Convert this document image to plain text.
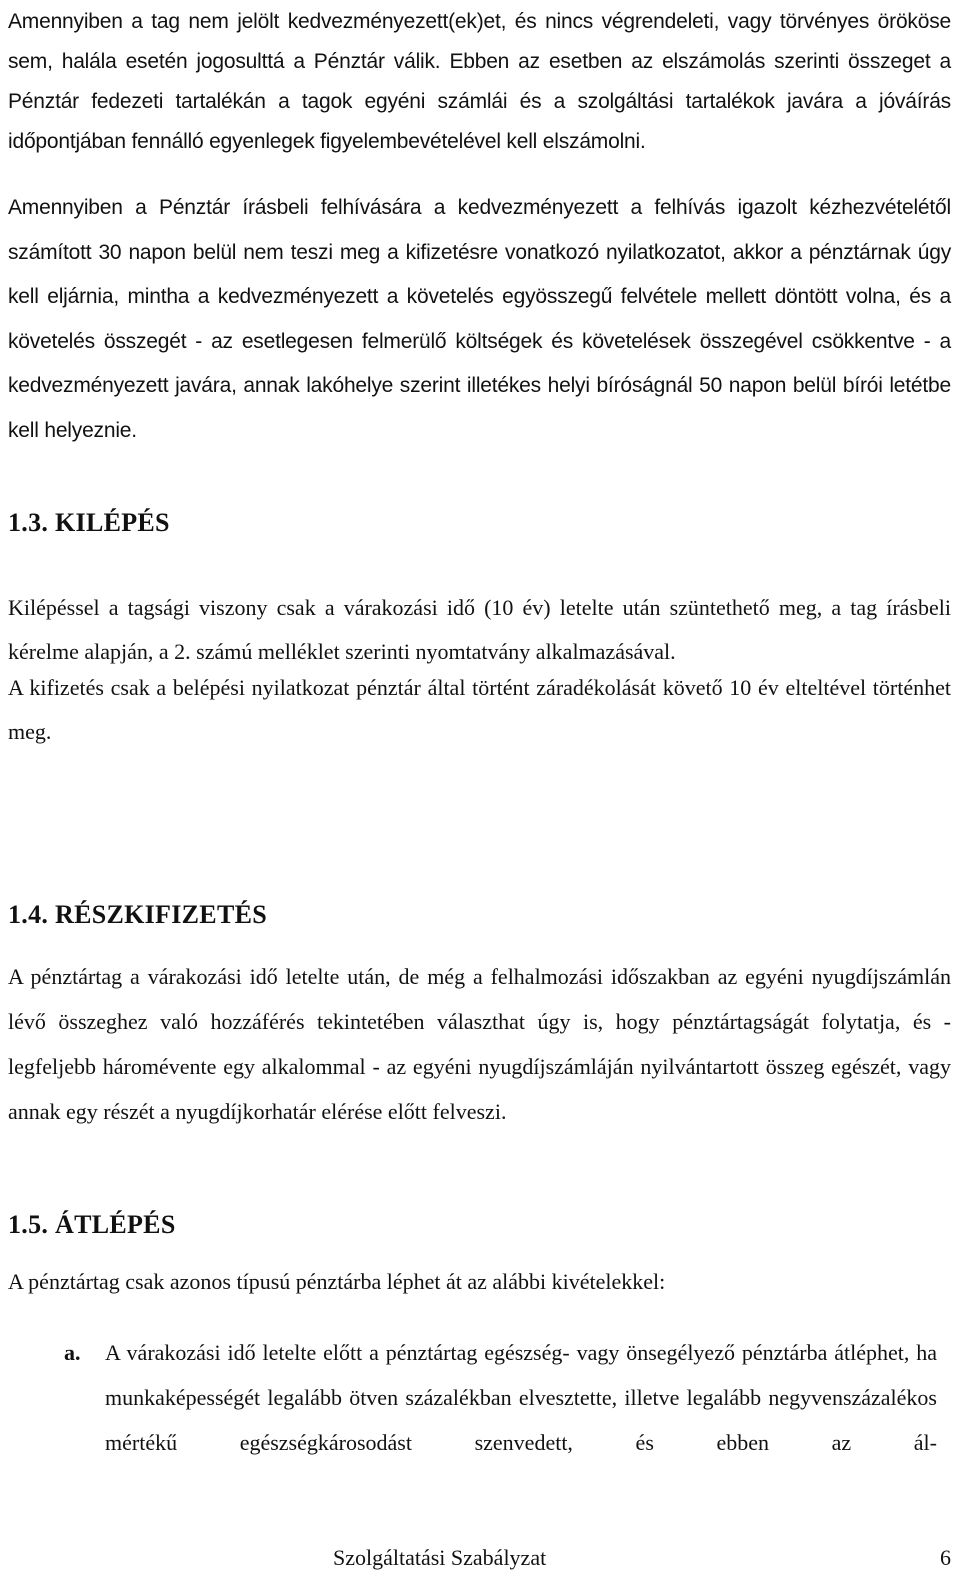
Amennyiben a tag nem jelölt kedvezményezett(ek)et, és nincs végrendeleti, vagy törvényes örököse sem, halála esetén jogosulttá a Pénztár válik. Ebben az esetben az elszámolás szerinti összeget a Pénztár fedezeti tartalékán a tagok egyéni számlái és a szolgáltási tartalékok javára a jóváírás időpontjában fennálló egyenlegek figyelembevételével kell elszámolni.

Amennyiben a Pénztár írásbeli felhívására a kedvezményezett a felhívás igazolt kézhezvételétől számított 30 napon belül nem teszi meg a kifizetésre vonatkozó nyilatkozatot, akkor a pénztárnak úgy kell eljárnia, mintha a kedvezményezett a követelés egyösszegű felvétele mellett döntött volna, és a követelés összegét - az esetlegesen felmerülő költségek és követelések összegével csökkentve - a kedvezményezett javára, annak lakóhelye szerint illetékes helyi bíróságnál 50 napon belül bírói letétbe kell helyeznie.

1.3. KILÉPÉS

Kilépéssel a tagsági viszony csak a várakozási idő (10 év) letelte után szüntethető meg, a tag írásbeli kérelme alapján, a 2. számú melléklet szerinti nyomtatvány alkalmazásával.

A kifizetés csak a belépési nyilatkozat pénztár által történt záradékolását követő 10 év elteltével történhet meg.

1.4. RÉSZKIFIZETÉS

A pénztártag a várakozási idő letelte után, de még a felhalmozási időszakban az egyéni nyugdíjszámlán lévő összeghez való hozzáférés tekintetében választhat úgy is, hogy pénztártagságát folytatja, és - legfeljebb háromévente egy alkalommal - az egyéni nyugdíjszámláján nyilvántartott összeg egészét, vagy annak egy részét a nyugdíjkorhatár elérése előtt felveszi.

1.5. ÁTLÉPÉS

A pénztártag csak azonos típusú pénztárba léphet át az alábbi kivételekkel:

a.	A várakozási idő letelte előtt a pénztártag egészség- vagy önsegélyező pénztárba átléphet, ha munkaképességét legalább ötven százalékban elvesztette, illetve legalább negyvenszázalékos mértékű egészségkárosodást szenvedett, és ebben az ál-
Szolgáltatási Szabályzat	6
